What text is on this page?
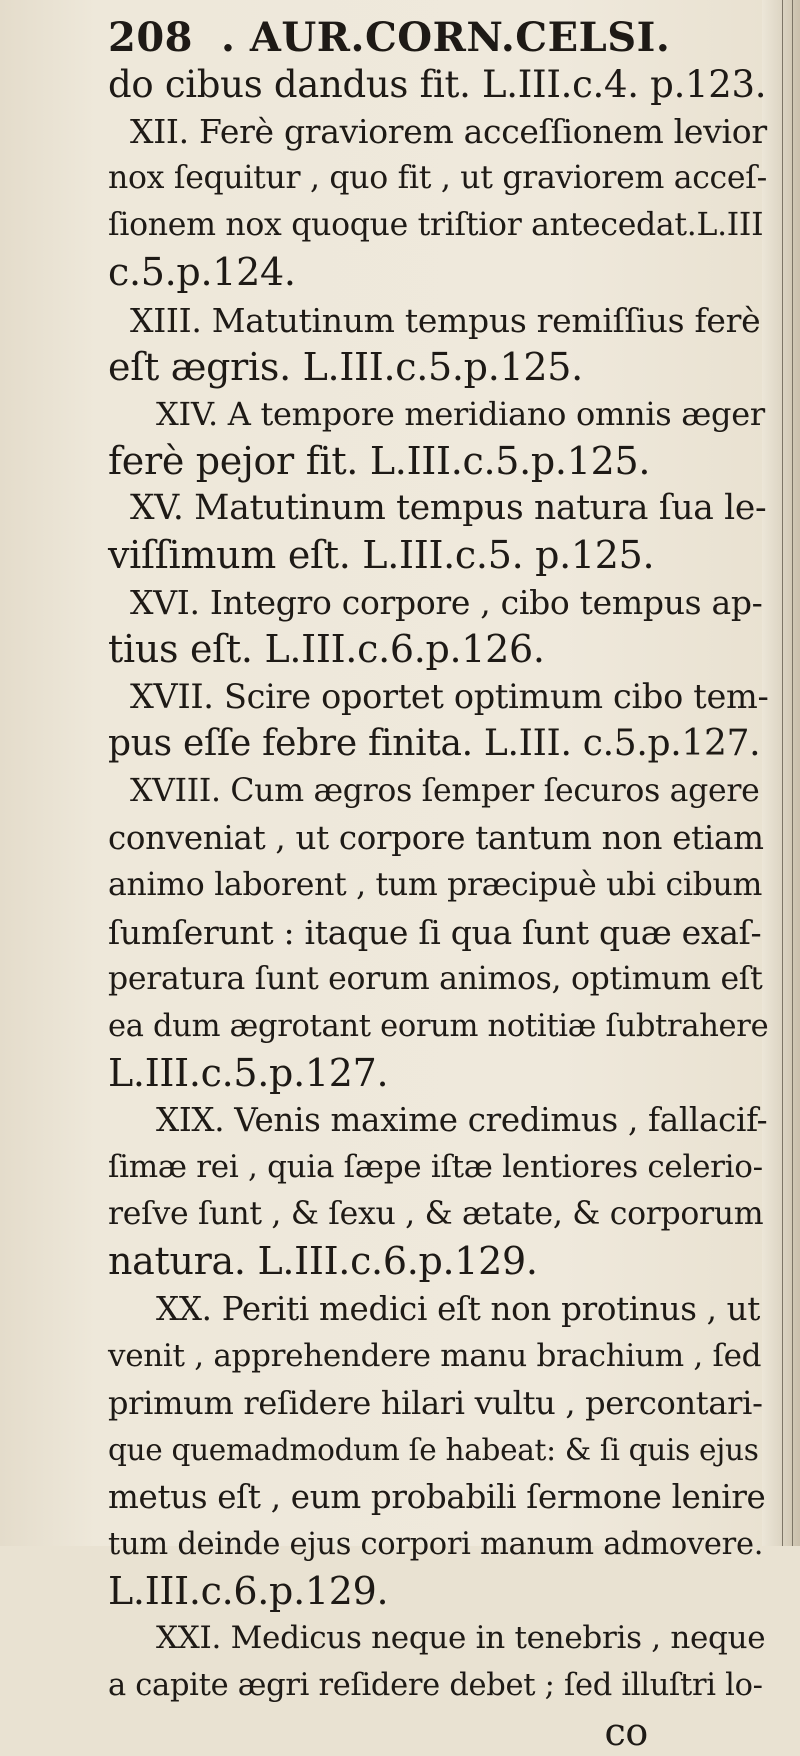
208 . AUR.CORN.CELSI.
do cibus dandus fit. L.III.c.4. p.123.
XII. Ferè graviorem acceſſionem levior
nox ſequitur , quo fit , ut graviorem acceſ-
ſionem nox quoque triſtior antecedat.L.III
c.5.p.124.
XIII. Matutinum tempus remiſſius ferè
eſt ægris. L.III.c.5.p.125.
XIV. A tempore meridiano omnis æger
ferè pejor fit. L.III.c.5.p.125.
XV. Matutinum tempus natura ſua le-
viſſimum eſt. L.III.c.5. p.125.
XVI. Integro corpore , cibo tempus ap-
tius eſt. L.III.c.6.p.126.
XVII. Scire oportet optimum cibo tem-
pus eſſe febre finita. L.III. c.5.p.127.
XVIII. Cum ægros ſemper ſecuros agere
conveniat , ut corpore tantum non etiam
animo laborent , tum præcipuè ubi cibum
ſumſerunt : itaque ſi qua ſunt quæ exaſ-
peratura ſunt eorum animos, optimum eſt
ea dum ægrotant eorum notitiæ ſubtrahere
L.III.c.5.p.127.
XIX. Venis maxime credimus , fallacif-
ſimæ rei , quia ſæpe iſtæ lentiores celerio-
reſve ſunt , & ſexu , & ætate, & corporum
natura. L.III.c.6.p.129.
XX. Periti medici eſt non protinus , ut
venit , apprehendere manu brachium , ſed
primum reſidere hilari vultu , percontari-
que quemadmodum ſe habeat: & ſi quis ejus
metus eſt , eum probabili ſermone lenire
tum deinde ejus corpori manum admovere.
L.III.c.6.p.129.
XXI. Medicus neque in tenebris , neque
a capite ægri reſidere debet ; ſed illuſtri lo-
co
